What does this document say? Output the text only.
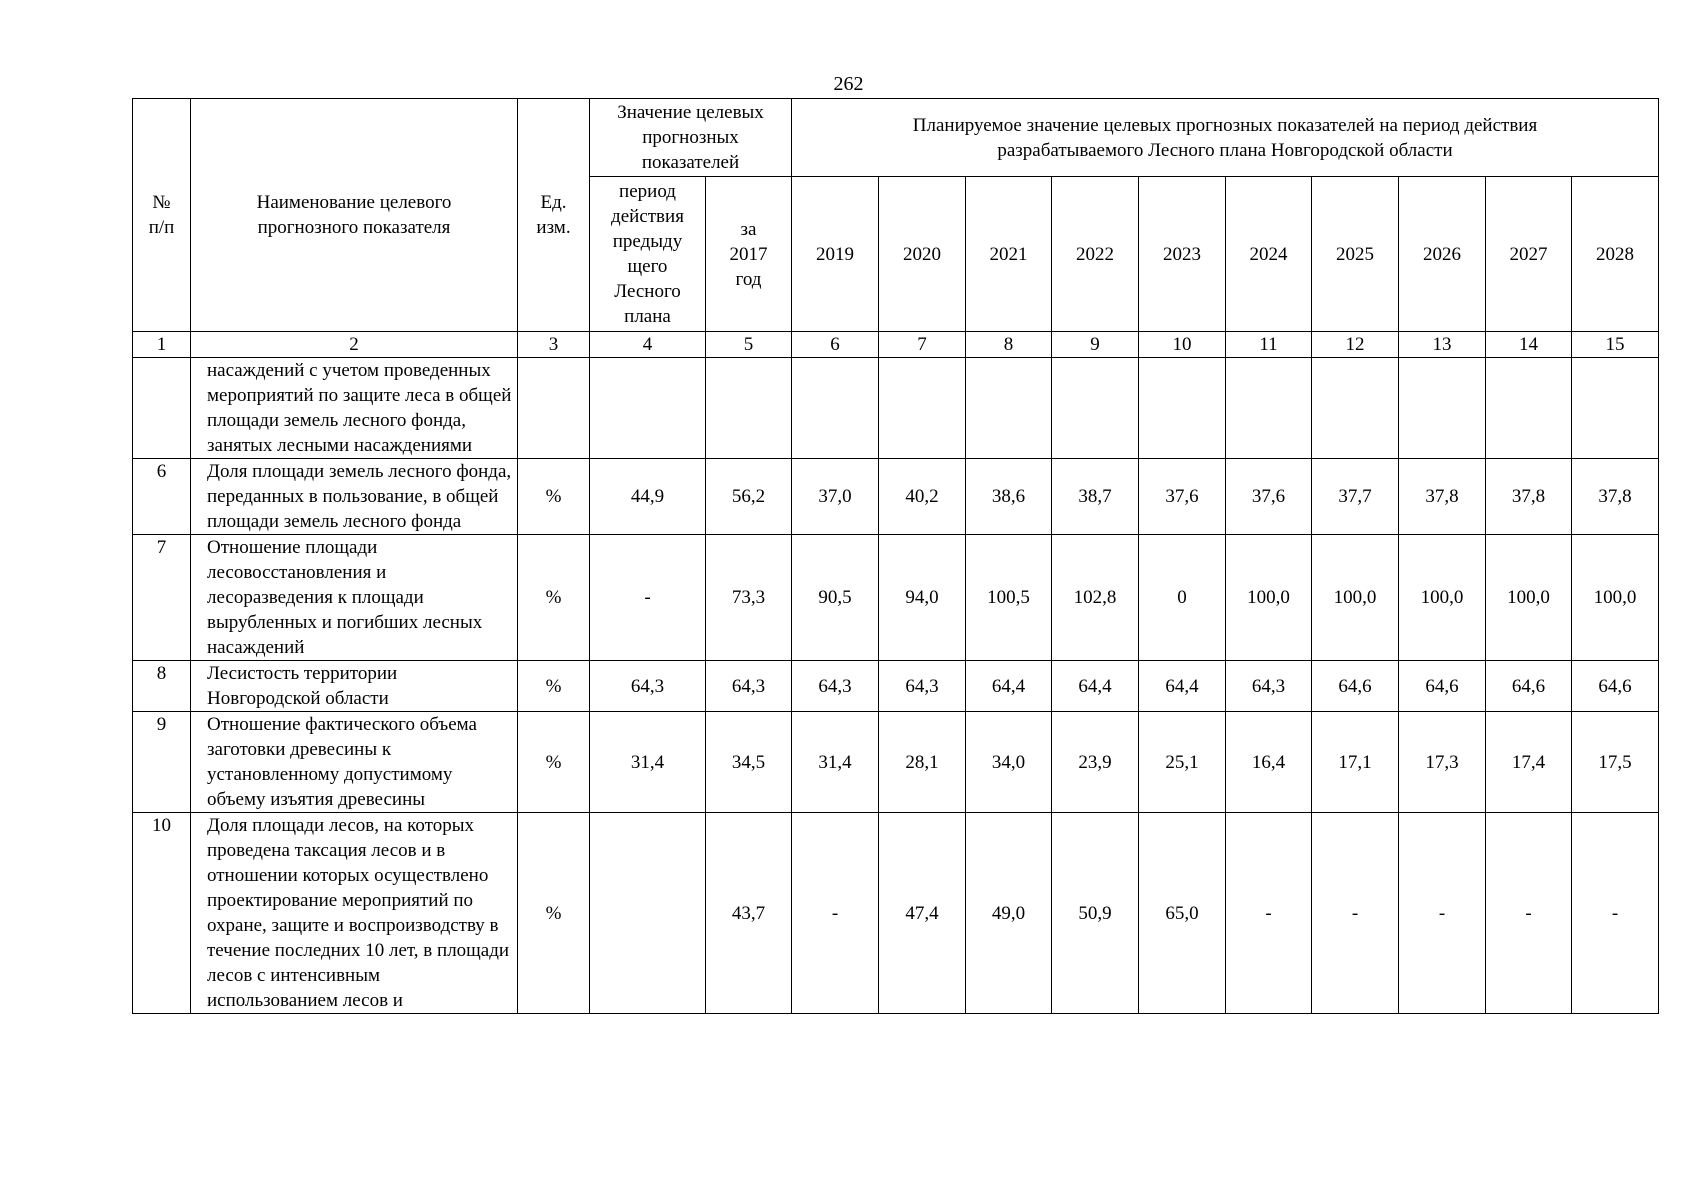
262
№ п/п	Наименование целевого прогнозного показателя	Ед. изм.	Значение целевых прогнозных показателей		Планируемое значение целевых прогнозных показателей на период действия разрабатываемого Лесного плана Новгородской области									
			период действия предыду щего Лесного плана	за 2017 год	2019	2020	2021	2022	2023	2024	2025	2026	2027	2028
1	2	3	4	5	6	7	8	9	10	11	12	13	14	15
	насаждений с учетом проведенных мероприятий по защите леса в общей площади земель лесного фонда, занятых лесными насаждениями													
6	Доля площади земель лесного фонда, переданных в пользование, в общей площади земель лесного фонда	%	44,9	56,2	37,0	40,2	38,6	38,7	37,6	37,6	37,7	37,8	37,8	37,8
7	Отношение площади лесовосстановления и лесоразведения к площади вырубленных и погибших лесных насаждений	%	-	73,3	90,5	94,0	100,5	102,8	0	100,0	100,0	100,0	100,0	100,0
8	Лесистость территории Новгородской области	%	64,3	64,3	64,3	64,3	64,4	64,4	64,4	64,3	64,6	64,6	64,6	64,6
9	Отношение фактического объема заготовки древесины к установленному допустимому объему изъятия древесины	%	31,4	34,5	31,4	28,1	34,0	23,9	25,1	16,4	17,1	17,3	17,4	17,5
10	Доля площади лесов, на которых проведена таксация лесов и в отношении которых осуществлено проектирование мероприятий по охране, защите и воспроизводству в течение последних 10 лет, в площади лесов с интенсивным использованием лесов и	%		43,7	-	47,4	49,0	50,9	65,0	-	-	-	-	-
